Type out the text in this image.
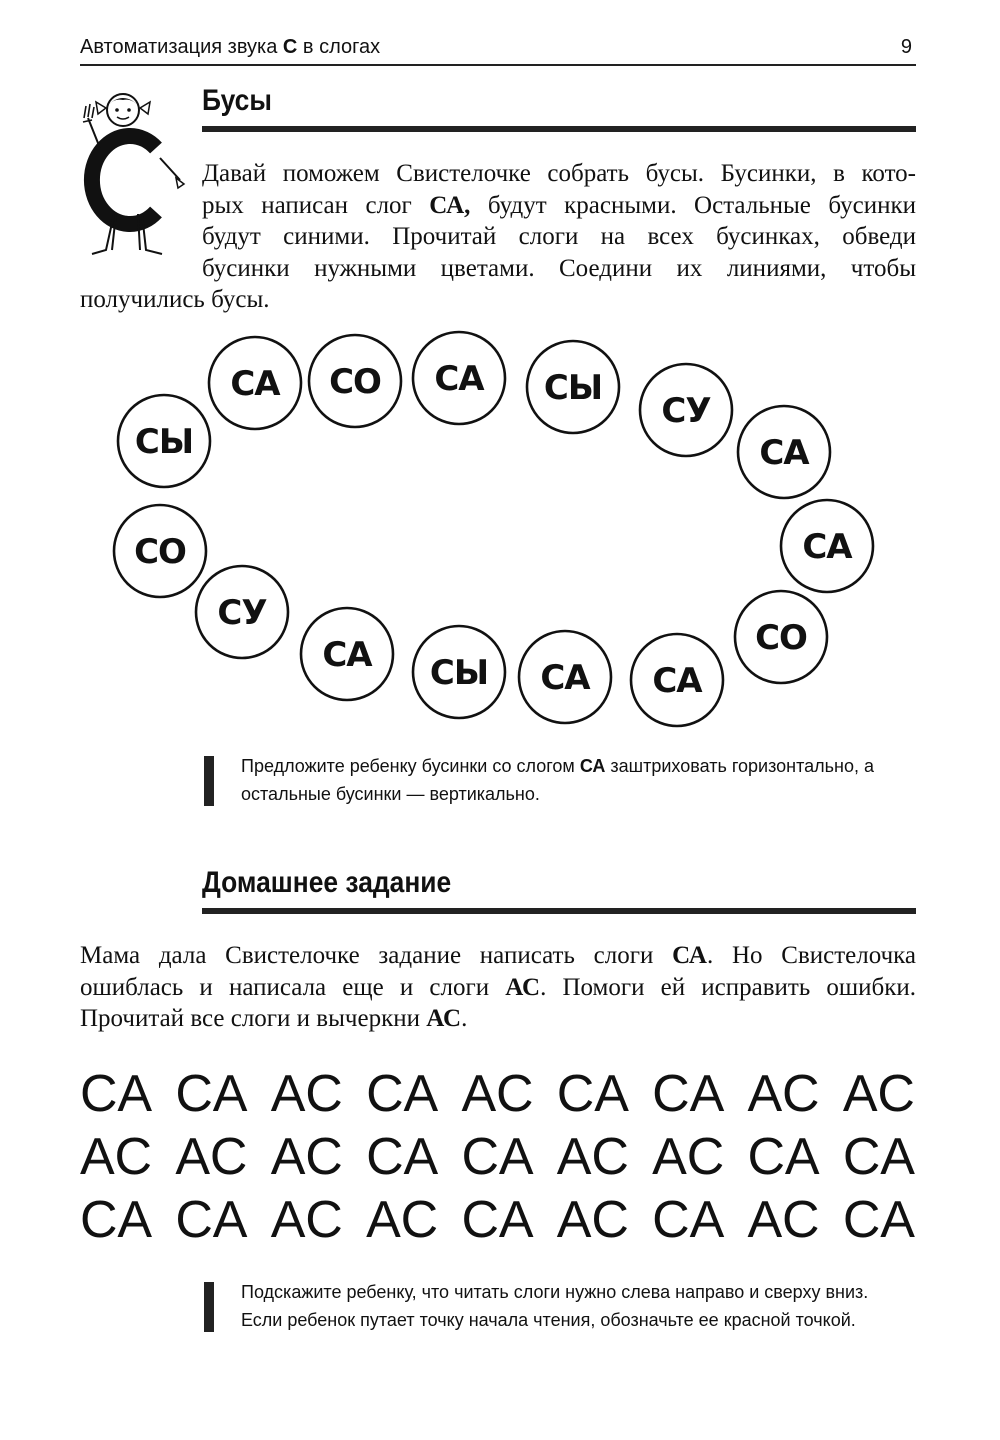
Автоматизация звука С в слогах	9
Бусы
Давай поможем Свистелочке собрать бусы. Бусинки, в кото-
рых написан слог СА, будут красными. Остальные бусинки
будут синими. Прочитай слоги на всех бусинках, обведи
бусинки нужными цветами. Соедини их линиями, чтобы
получились бусы.
СА СО СА СЫ
СУ
СА
СЫ
СА
СО
СУ
СО
СА СЫ СА СА
Предложите ребенку бусинки со слогом СА заштриховать горизонтально, а
остальные бусинки — вертикально.
Домашнее задание
Мама дала Свистелочке задание написать слоги СА. Но Свистелочка
ошиблась и написала еще и слоги АС. Помоги ей исправить ошибки.
Прочитай все слоги и вычеркни АС.
СА СА АС СА АС СА СА АС АС
АС АС АС СА СА АС АС СА СА
СА СА АС АС СА АС СА АС СА
Подскажите ребенку, что читать слоги нужно слева направо и сверху вниз.
Если ребенок путает точку начала чтения, обозначьте ее красной точкой.
